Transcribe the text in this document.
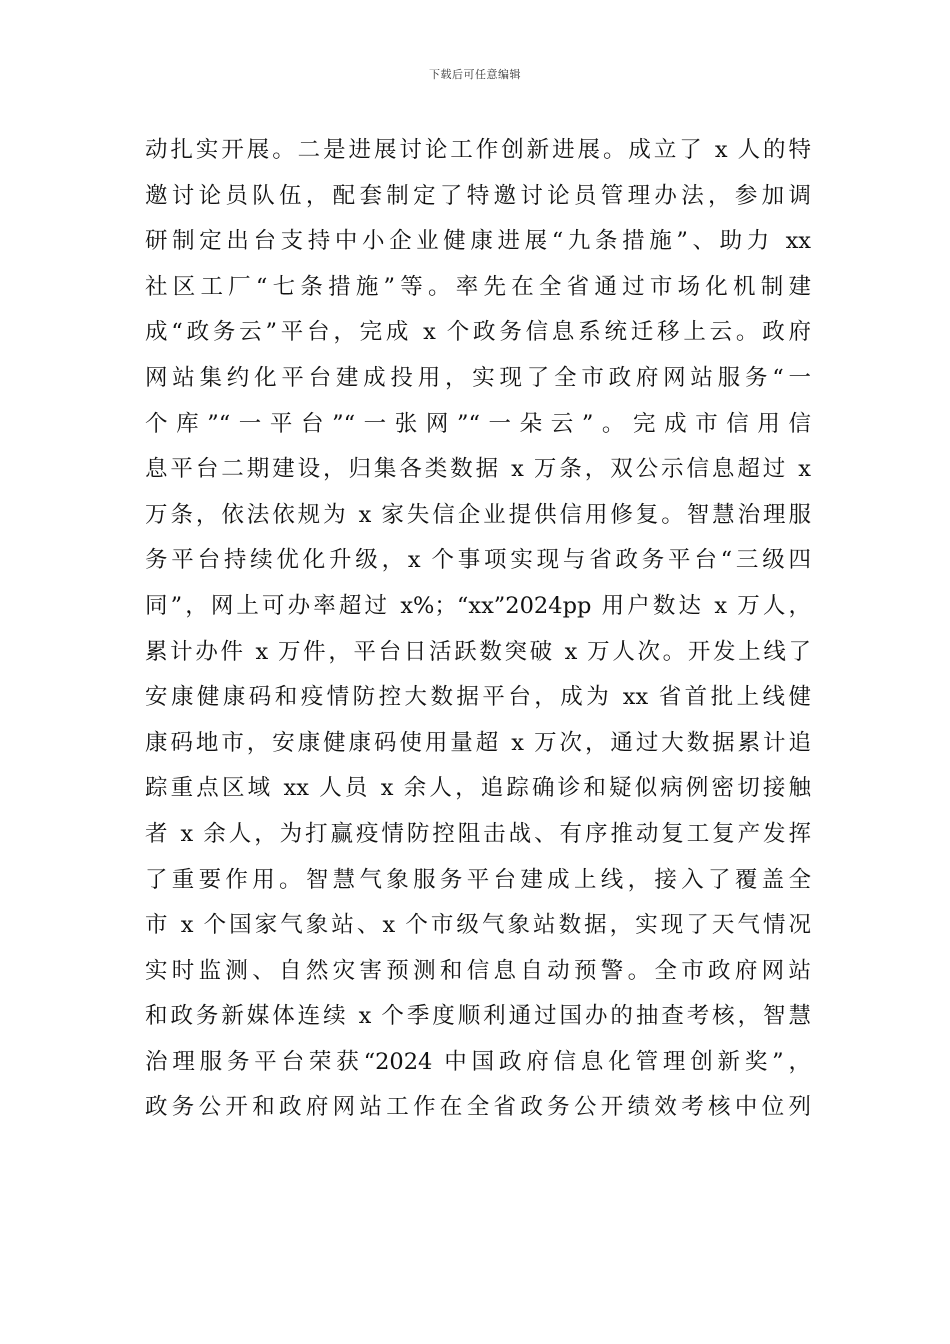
下载后可任意编辑
动扎实开展。二是进展讨论工作创新进展。成立了 x 人的特
邀讨论员队伍，配套制定了特邀讨论员管理办法，参加调
研制定出台支持中小企业健康进展“九条措施”、助力 xx
社区工厂“七条措施”等。率先在全省通过市场化机制建
成“政务云”平台，完成 x 个政务信息系统迁移上云。政府
网站集约化平台建成投用，实现了全市政府网站服务“一
个库”“一平台”“一张网”“一朵云”。完成市信用信
息平台二期建设，归集各类数据 x 万条，双公示信息超过 x
万条，依法依规为 x 家失信企业提供信用修复。智慧治理服
务平台持续优化升级，x 个事项实现与省政务平台“三级四
同”，网上可办率超过 x%；“xx”2024pp 用户数达 x 万人，
累计办件 x 万件，平台日活跃数突破 x 万人次。开发上线了
安康健康码和疫情防控大数据平台，成为 xx 省首批上线健
康码地市，安康健康码使用量超 x 万次，通过大数据累计追
踪重点区域 xx 人员 x 余人，追踪确诊和疑似病例密切接触
者 x 余人，为打赢疫情防控阻击战、有序推动复工复产发挥
了重要作用。智慧气象服务平台建成上线，接入了覆盖全
市 x 个国家气象站、x 个市级气象站数据，实现了天气情况
实时监测、自然灾害预测和信息自动预警。全市政府网站
和政务新媒体连续 x 个季度顺利通过国办的抽查考核，智慧
治理服务平台荣获“2024 中国政府信息化管理创新奖”，
政务公开和政府网站工作在全省政务公开绩效考核中位列
